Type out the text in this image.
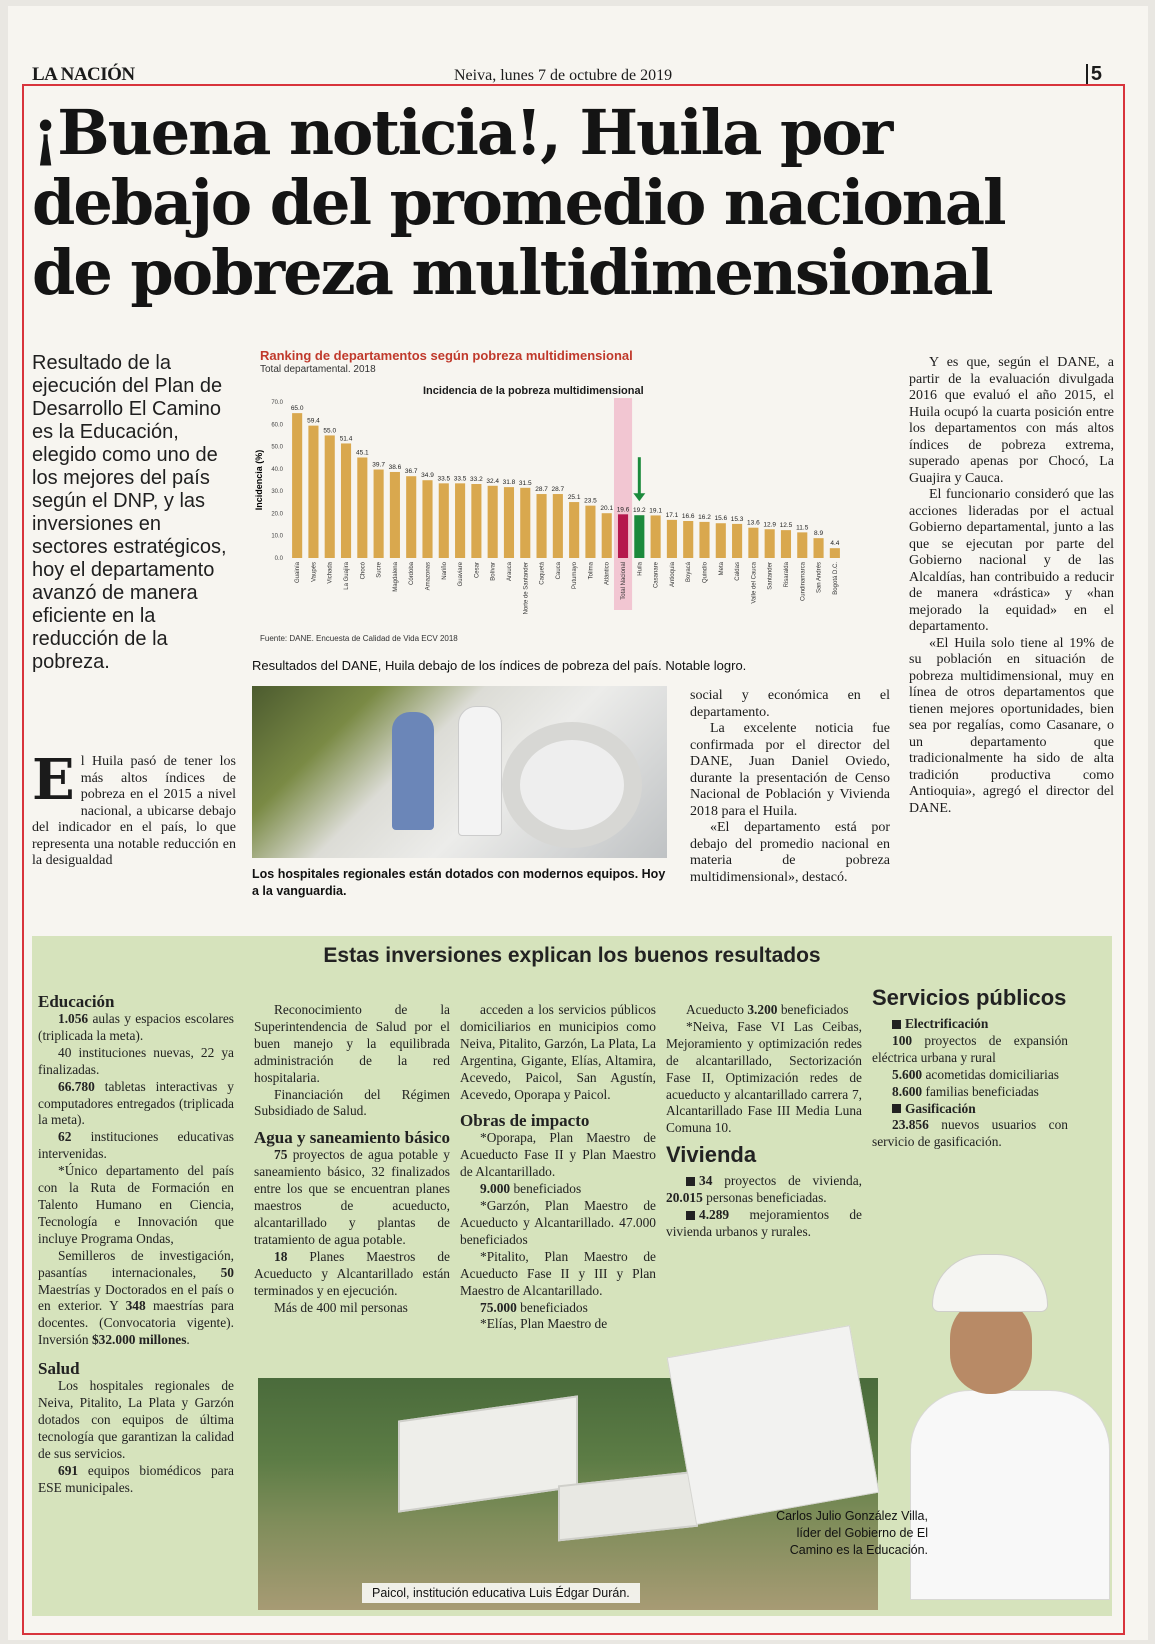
LA NACIÓN	Neiva, lunes 7 de octubre de 2019	5
¡Buena noticia!, Huila por debajo del promedio nacional de pobreza multidimensional
Resultado de la ejecución del Plan de Desarrollo El Camino es la Educación, elegido como uno de los mejores del país según el DNP, y las inversiones en sectores estratégicos, hoy el departamento avanzó de manera eficiente en la reducción de la pobreza.
E l Huila pasó de tener los más altos índices de pobreza en el 2015 a nivel nacional, a ubicarse debajo del indicador en el país, lo que representa una notable reducción en la desigualdad
Ranking de departamentos según pobreza multidimensional
Total departamental. 2018
Incidencia de la pobreza multidimensional
Incidencia (%)
0.0
10.0
20.0
30.0
40.0
50.0
60.0
70.0
65.0
Guainía
59.4
Vaupés
55.0
Vichada
51.4
La Guajira
45.1
Chocó
39.7
Sucre
38.6
Magdalena
36.7
Córdoba
34.9
Amazonas
33.5
Nariño
33.5
Guaviare
33.2
Cesar
32.4
Bolívar
31.8
Arauca
31.5
Norte de Santander
28.7
Caquetá
28.7
Cauca
25.1
Putumayo
23.5
Tolima
20.1
Atlántico
19.6
Total Nacional
19.2
Huila
19.1
Casanare
17.1
Antioquia
16.6
Boyacá
16.2
Quindío
15.6
Meta
15.3
Caldas
13.6
Valle del Cauca
12.9
Santander
12.5
Risaralda
11.5
Cundinamarca
8.9
San Andrés
4.4
Bogotá D.C.
Fuente: DANE. Encuesta de Calidad de Vida ECV 2018
Resultados del DANE, Huila debajo de los índices de pobreza del país. Notable logro.
Los hospitales regionales están dotados con modernos equipos. Hoy a la vanguardia.

social y económica en el departamento.

La excelente noticia fue confirmada por el director del DANE, Juan Daniel Oviedo, durante la presentación de Censo Nacional de Población y Vivienda 2018 para el Huila.

«El departamento está por debajo del promedio nacional en materia de pobreza multidimensional», destacó.

Y es que, según el DANE, a partir de la evaluación divulgada 2016 que evaluó el año 2015, el Huila ocupó la cuarta posición entre los departamentos con más altos índices de pobreza extrema, superado apenas por Chocó, La Guajira y Cauca.

El funcionario consideró que las acciones lideradas por el actual Gobierno departamental, junto a las que se ejecutan por parte del Gobierno nacional y de las Alcaldías, han contribuido a reducir de manera «drástica» y «han mejorado la equidad» en el departamento.

«El Huila solo tiene al 19% de su población en situación de pobreza multidimensional, muy en línea de otros departamentos que tienen mejores oportunidades, bien sea por regalías, como Casanare, o un departamento que tradicionalmente ha sido de alta tradición productiva como Antioquia», agregó el director del DANE.

Estas inversiones explican los buenos resultados
Educación

1.056 aulas y espacios escolares (triplicada la meta).

40 instituciones nuevas, 22 ya finalizadas.

66.780 tabletas interactivas y computadores entregados (triplicada la meta).

62 instituciones educativas intervenidas.

*Único departamento del país con la Ruta de Formación en Talento Humano en Ciencia, Tecnología e Innovación que incluye Programa Ondas,

Semilleros de investigación, pasantías internacionales, 50 Maestrías y Doctorados en el país o en exterior. Y 348 maestrías para docentes. (Convocatoria vigente). Inversión $32.000 millones.

Salud

Los hospitales regionales de Neiva, Pitalito, La Plata y Garzón dotados con equipos de última tecnología que garantizan la calidad de sus servicios.

691 equipos biomédicos para ESE municipales.

Reconocimiento de la Superintendencia de Salud por el buen manejo y la equilibrada administración de la red hospitalaria.

Financiación del Régimen Subsidiado de Salud.

Agua y saneamiento básico

75 proyectos de agua potable y saneamiento básico, 32 finalizados entre los que se encuentran planes maestros de acueducto, alcantarillado y plantas de tratamiento de agua potable.

18 Planes Maestros de Acueducto y Alcantarillado están terminados y en ejecución.

Más de 400 mil personas

acceden a los servicios públicos domiciliarios en municipios como Neiva, Pitalito, Garzón, La Plata, La Argentina, Gigante, Elías, Altamira, Acevedo, Paicol, San Agustín, Acevedo, Oporapa y Paicol.

Obras de impacto

*Oporapa, Plan Maestro de Acueducto Fase II y Plan Maestro de Alcantarillado.

9.000 beneficiados

*Garzón, Plan Maestro de Acueducto y Alcantarillado. 47.000 beneficiados

*Pitalito, Plan Maestro de Acueducto Fase II y III y Plan Maestro de Alcantarillado.

75.000 beneficiados

*Elías, Plan Maestro de

Acueducto 3.200 beneficiados

*Neiva, Fase VI Las Ceibas, Mejoramiento y optimización redes de alcantarillado, Sectorización Fase II, Optimización redes de acueducto y alcantarillado carrera 7, Alcantarillado Fase III Media Luna Comuna 10.

Vivienda

34 proyectos de vivienda, 20.015 personas beneficiadas.

4.289 mejoramientos de vivienda urbanos y rurales.

Servicios públicos

Electrificación

100 proyectos de expansión eléctrica urbana y rural

5.600 acometidas domiciliarias

8.600 familias beneficiadas

Gasificación

23.856 nuevos usuarios con servicio de gasificación.

Paicol, institución educativa Luis Édgar Durán.
Carlos Julio González Villa, líder del Gobierno de El Camino es la Educación.
